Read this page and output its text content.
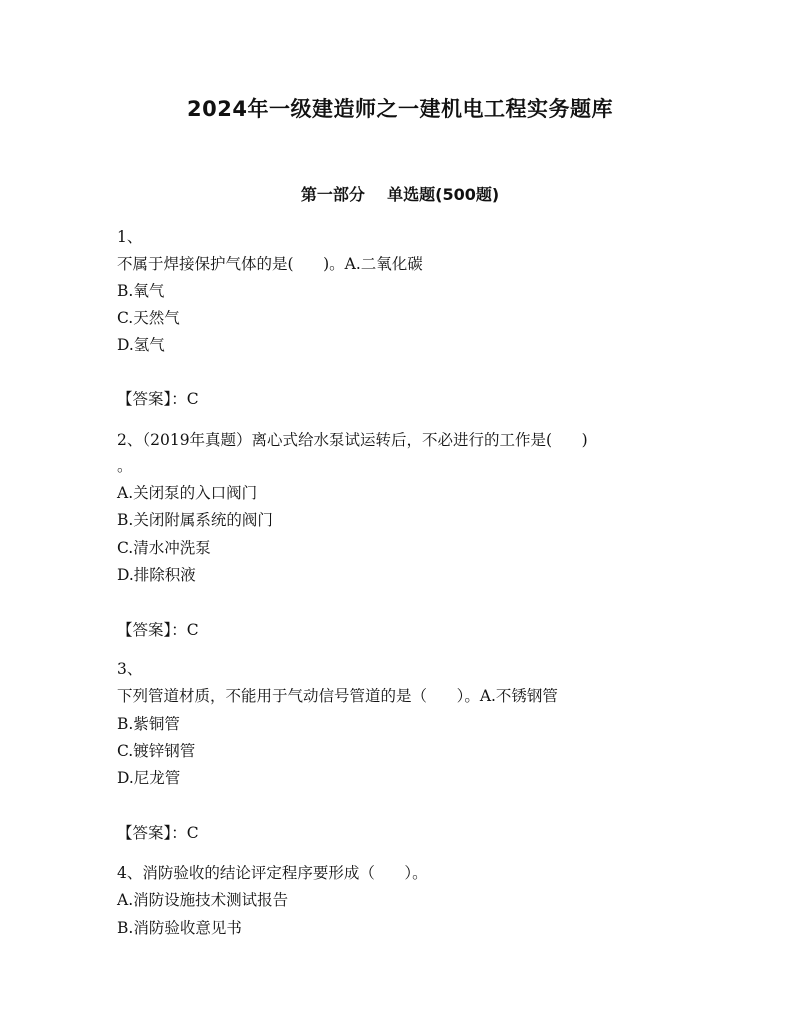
2024年一级建造师之一建机电工程实务题库
第一部分    单选题(500题)
1、
不属于焊接保护气体的是(      )。A.二氧化碳
B.氧气
C.天然气
D.氢气
【答案】：C
2、（2019年真题）离心式给水泵试运转后，不必进行的工作是(      )
。
A.关闭泵的入口阀门
B.关闭附属系统的阀门
C.清水冲洗泵
D.排除积液
【答案】：C
3、
下列管道材质，不能用于气动信号管道的是（      ）。A.不锈钢管
B.紫铜管
C.镀锌钢管
D.尼龙管
【答案】：C
4、消防验收的结论评定程序要形成（      ）。
A.消防设施技术测试报告
B.消防验收意见书
